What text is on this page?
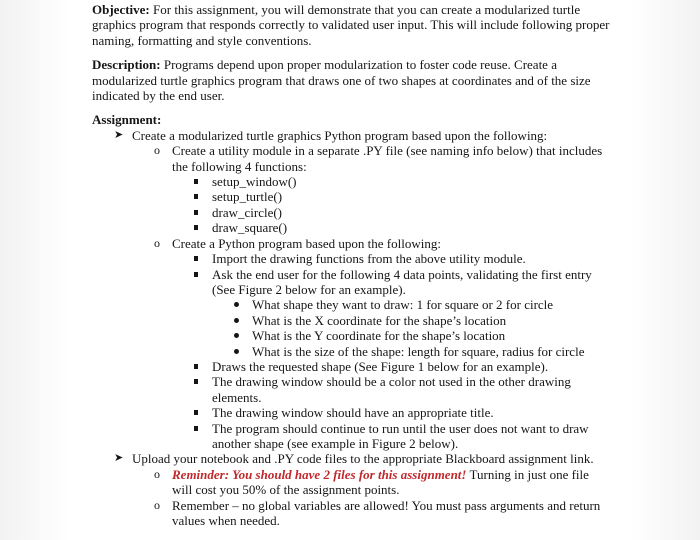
Objective: For this assignment, you will demonstrate that you can create a modularized turtle graphics program that responds correctly to validated user input. This will include following proper naming, formatting and style conventions.

Description: Programs depend upon proper modularization to foster code reuse. Create a modularized turtle graphics program that draws one of two shapes at coordinates and of the size indicated by the end user.

Assignment:

➤ Create a modularized turtle graphics Python program based upon the following:
o Create a utility module in a separate .PY file (see naming info below) that includes the following 4 functions:
setup_window()
setup_turtle()
draw_circle()
draw_square()
o Create a Python program based upon the following:
Import the drawing functions from the above utility module.
Ask the end user for the following 4 data points, validating the first entry (See Figure 2 below for an example).
What shape they want to draw: 1 for square or 2 for circle
What is the X coordinate for the shape’s location
What is the Y coordinate for the shape’s location
What is the size of the shape: length for square, radius for circle
Draws the requested shape (See Figure 1 below for an example).
The drawing window should be a color not used in the other drawing elements.
The drawing window should have an appropriate title.
The program should continue to run until the user does not want to draw another shape (see example in Figure 2 below).
➤ Upload your notebook and .PY code files to the appropriate Blackboard assignment link.
o Reminder: You should have 2 files for this assignment! Turning in just one file will cost you 50% of the assignment points.
o Remember – no global variables are allowed! You must pass arguments and return values when needed.
